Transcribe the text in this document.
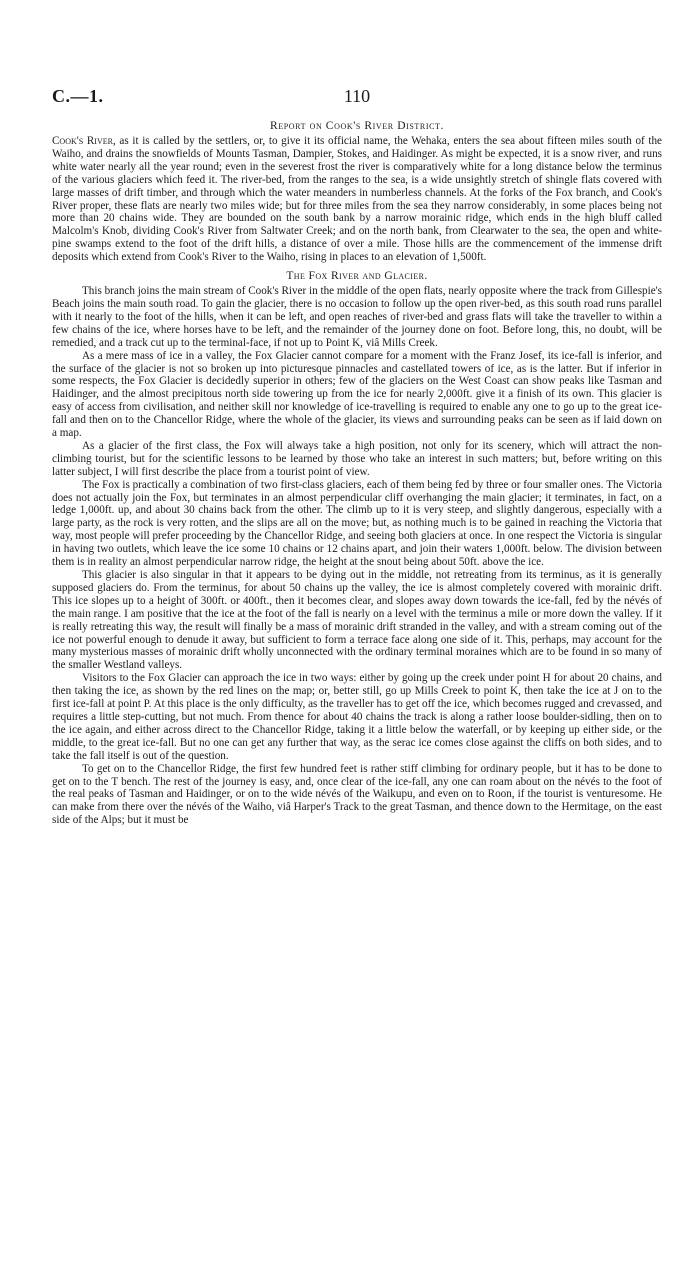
C.—1.	110
Report on Cook's River District.

Cook's River, as it is called by the settlers, or, to give it its official name, the Wehaka, enters the sea about fifteen miles south of the Waiho, and drains the snowfields of Mounts Tasman, Dampier, Stokes, and Haidinger. As might be expected, it is a snow river, and runs white water nearly all the year round; even in the severest frost the river is comparatively white for a long distance below the terminus of the various glaciers which feed it. The river-bed, from the ranges to the sea, is a wide unsightly stretch of shingle flats covered with large masses of drift timber, and through which the water meanders in numberless channels. At the forks of the Fox branch, and Cook's River proper, these flats are nearly two miles wide; but for three miles from the sea they narrow considerably, in some places being not more than 20 chains wide. They are bounded on the south bank by a narrow morainic ridge, which ends in the high bluff called Malcolm's Knob, dividing Cook's River from Saltwater Creek; and on the north bank, from Clearwater to the sea, the open and white-pine swamps extend to the foot of the drift hills, a distance of over a mile. Those hills are the commencement of the immense drift deposits which extend from Cook's River to the Waiho, rising in places to an elevation of 1,500ft.

The Fox River and Glacier.

This branch joins the main stream of Cook's River in the middle of the open flats, nearly opposite where the track from Gillespie's Beach joins the main south road. To gain the glacier, there is no occasion to follow up the open river-bed, as this south road runs parallel with it nearly to the foot of the hills, when it can be left, and open reaches of river-bed and grass flats will take the traveller to within a few chains of the ice, where horses have to be left, and the remainder of the journey done on foot. Before long, this, no doubt, will be remedied, and a track cut up to the terminal-face, if not up to Point K, viâ Mills Creek.

As a mere mass of ice in a valley, the Fox Glacier cannot compare for a moment with the Franz Josef, its ice-fall is inferior, and the surface of the glacier is not so broken up into picturesque pinnacles and castellated towers of ice, as is the latter. But if inferior in some respects, the Fox Glacier is decidedly superior in others; few of the glaciers on the West Coast can show peaks like Tasman and Haidinger, and the almost precipitous north side towering up from the ice for nearly 2,000ft. give it a finish of its own. This glacier is easy of access from civilisation, and neither skill nor knowledge of ice-travelling is required to enable any one to go up to the great ice-fall and then on to the Chancellor Ridge, where the whole of the glacier, its views and surrounding peaks can be seen as if laid down on a map.

As a glacier of the first class, the Fox will always take a high position, not only for its scenery, which will attract the non-climbing tourist, but for the scientific lessons to be learned by those who take an interest in such matters; but, before writing on this latter subject, I will first describe the place from a tourist point of view.

The Fox is practically a combination of two first-class glaciers, each of them being fed by three or four smaller ones. The Victoria does not actually join the Fox, but terminates in an almost perpendicular cliff overhanging the main glacier; it terminates, in fact, on a ledge 1,000ft. up, and about 30 chains back from the other. The climb up to it is very steep, and slightly dangerous, especially with a large party, as the rock is very rotten, and the slips are all on the move; but, as nothing much is to be gained in reaching the Victoria that way, most people will prefer proceeding by the Chancellor Ridge, and seeing both glaciers at once. In one respect the Victoria is singular in having two outlets, which leave the ice some 10 chains or 12 chains apart, and join their waters 1,000ft. below. The division between them is in reality an almost perpendicular narrow ridge, the height at the snout being about 50ft. above the ice.

This glacier is also singular in that it appears to be dying out in the middle, not retreating from its terminus, as it is generally supposed glaciers do. From the terminus, for about 50 chains up the valley, the ice is almost completely covered with morainic drift. This ice slopes up to a height of 300ft. or 400ft., then it becomes clear, and slopes away down towards the ice-fall, fed by the névés of the main range. I am positive that the ice at the foot of the fall is nearly on a level with the terminus a mile or more down the valley. If it is really retreating this way, the result will finally be a mass of morainic drift stranded in the valley, and with a stream coming out of the ice not powerful enough to denude it away, but sufficient to form a terrace face along one side of it. This, perhaps, may account for the many mysterious masses of morainic drift wholly unconnected with the ordinary terminal moraines which are to be found in so many of the smaller Westland valleys.

Visitors to the Fox Glacier can approach the ice in two ways: either by going up the creek under point H for about 20 chains, and then taking the ice, as shown by the red lines on the map; or, better still, go up Mills Creek to point K, then take the ice at J on to the first ice-fall at point P. At this place is the only difficulty, as the traveller has to get off the ice, which becomes rugged and crevassed, and requires a little step-cutting, but not much. From thence for about 40 chains the track is along a rather loose boulder-sidling, then on to the ice again, and either across direct to the Chancellor Ridge, taking it a little below the waterfall, or by keeping up either side, or the middle, to the great ice-fall. But no one can get any further that way, as the serac ice comes close against the cliffs on both sides, and to take the fall itself is out of the question.

To get on to the Chancellor Ridge, the first few hundred feet is rather stiff climbing for ordinary people, but it has to be done to get on to the T bench. The rest of the journey is easy, and, once clear of the ice-fall, any one can roam about on the névés to the foot of the real peaks of Tasman and Haidinger, or on to the wide névés of the Waikupu, and even on to Roon, if the tourist is venturesome. He can make from there over the névés of the Waiho, viâ Harper's Track to the great Tasman, and thence down to the Hermitage, on the east side of the Alps; but it must be
